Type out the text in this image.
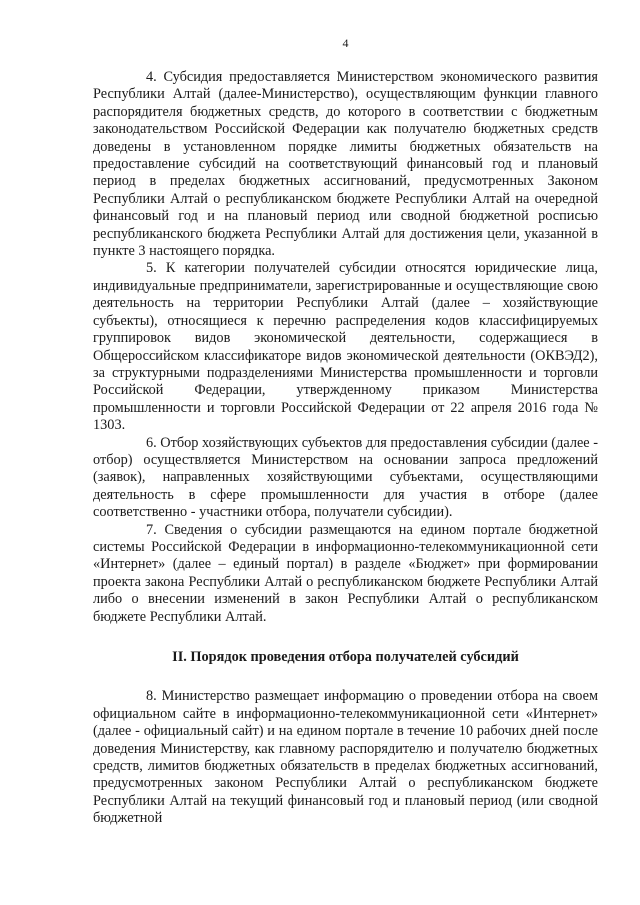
4

4. Субсидия предоставляется Министерством экономического развития Республики Алтай (далее-Министерство), осуществляющим функции главного распорядителя бюджетных средств, до которого в соответствии с бюджетным законодательством Российской Федерации как получателю бюджетных средств доведены в установленном порядке лимиты бюджетных обязательств на предоставление субсидий на соответствующий финансовый год и плановый период в пределах бюджетных ассигнований, предусмотренных Законом Республики Алтай о республиканском бюджете Республики Алтай на очередной финансовый год и на плановый период или сводной бюджетной росписью республиканского бюджета Республики Алтай для достижения цели, указанной в пункте 3 настоящего порядка.

5. К категории получателей субсидии относятся юридические лица, индивидуальные предприниматели, зарегистрированные и осуществляющие свою деятельность на территории Республики Алтай (далее – хозяйствующие субъекты), относящиеся к перечню распределения кодов классифицируемых группировок видов экономической деятельности, содержащиеся в Общероссийском классификаторе видов экономической деятельности (ОКВЭД2), за структурными подразделениями Министерства промышленности и торговли Российской Федерации, утвержденному приказом Министерства промышленности и торговли Российской Федерации от 22 апреля 2016 года № 1303.

6. Отбор хозяйствующих субъектов для предоставления субсидии (далее - отбор) осуществляется Министерством на основании запроса предложений (заявок), направленных хозяйствующими субъектами, осуществляющими деятельность в сфере промышленности для участия в отборе (далее соответственно - участники отбора, получатели субсидии).

7. Сведения о субсидии размещаются на едином портале бюджетной системы Российской Федерации в информационно-телекоммуникационной сети «Интернет» (далее – единый портал) в разделе «Бюджет» при формировании проекта закона Республики Алтай о республиканском бюджете Республики Алтай либо о внесении изменений в закон Республики Алтай о республиканском бюджете Республики Алтай.

II. Порядок проведения отбора получателей субсидий

8. Министерство размещает информацию о проведении отбора на своем официальном сайте в информационно-телекоммуникационной сети «Интернет» (далее - официальный сайт) и на едином портале в течение 10 рабочих дней после доведения Министерству, как главному распорядителю и получателю бюджетных средств, лимитов бюджетных обязательств в пределах бюджетных ассигнований, предусмотренных законом Республики Алтай о республиканском бюджете Республики Алтай на текущий финансовый год и плановый период (или сводной бюджетной
